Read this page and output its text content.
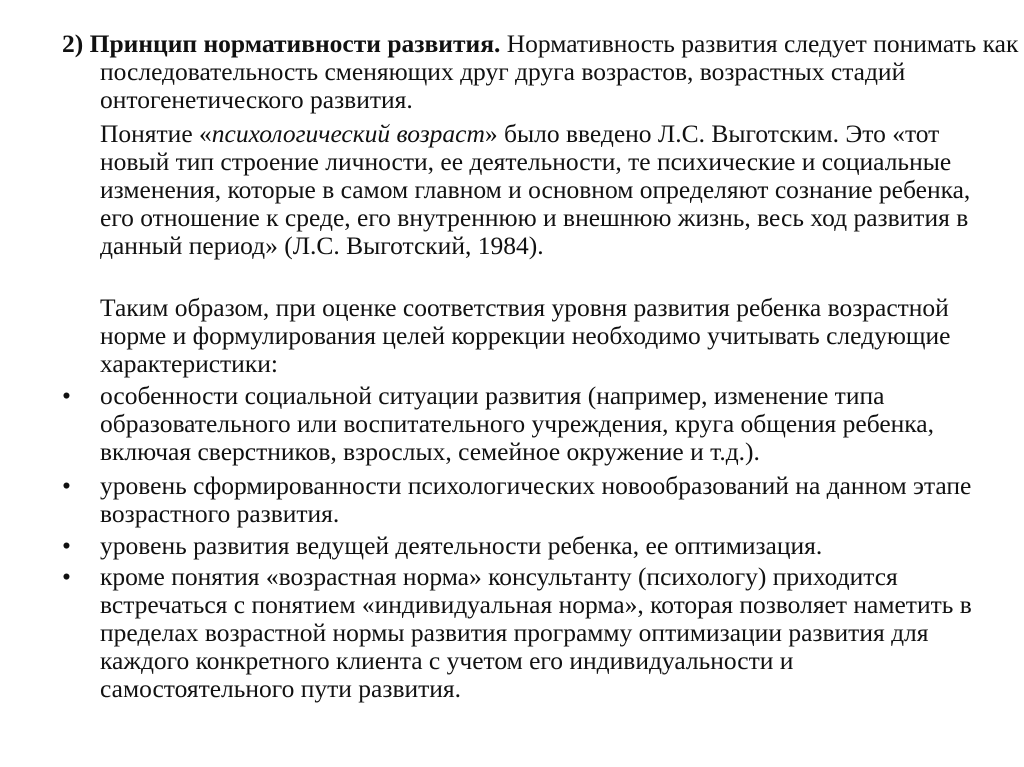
2) Принцип нормативности развития. Нормативность развития следует понимать как последовательность сменяющих друг друга возрастов, возрастных стадий онтогенетического развития.

Понятие «психологический возраст» было введено Л.С. Выготским. Это «тот новый тип строение личности, ее деятельности, те психические и социальные изменения, которые в самом главном и основном определяют сознание ребенка, его отношение к среде, его внутреннюю и внешнюю жизнь, весь ход развития в данный период» (Л.С. Выготский, 1984).

Таким образом, при оценке соответствия уровня развития ребенка возрастной норме и формулирования целей коррекции необходимо учитывать следующие характеристики:

•	особенности социальной ситуации развития (например, изменение типа образовательного или воспитательного учреждения, круга общения ребенка, включая сверстников, взрослых, семейное окружение и т.д.).
•	уровень сформированности психологических новообразований на данном этапе возрастного развития.
•	уровень развития ведущей деятельности ребенка, ее оптимизация.
•	кроме понятия «возрастная норма» консультанту (психологу) приходится встречаться с понятием «индивидуальная норма», которая позволяет наметить в пределах возрастной нормы развития программу оптимизации развития для каждого конкретного клиента с учетом его индивидуальности и самостоятельного пути развития.
